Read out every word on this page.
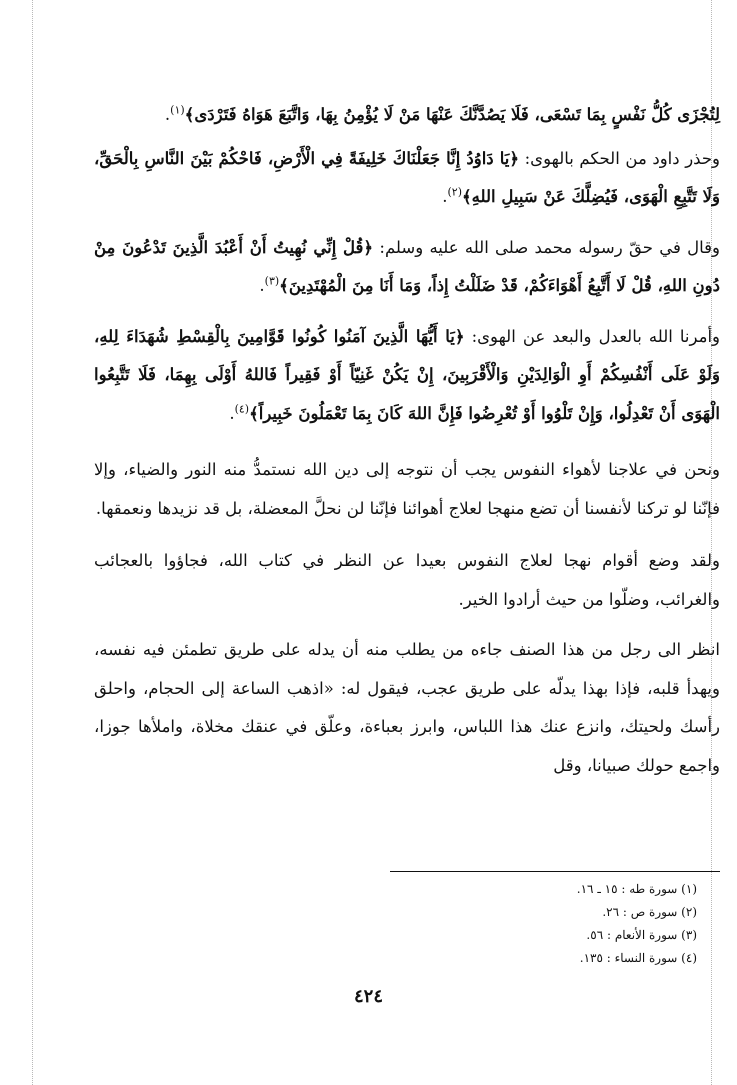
لِتُجْزَى كُلُّ نَفْسٍ بِمَا تَسْعَى، فَلَا يَصُدَّنَّكَ عَنْهَا مَنْ لَا يُؤْمِنُ بِهَا، وَاتَّبَعَ هَوَاهُ فَتَرْدَى﴾$^{(١)}$.

وحذر داود من الحكم بالهوى: ﴿يَا دَاوُدُ إِنَّا جَعَلْنَاكَ خَلِيفَةً فِي الْأَرْضِ، فَاحْكُمْ بَيْنَ النَّاسِ بِالْحَقِّ، وَلَا تَتَّبِعِ الْهَوَى، فَيُضِلَّكَ عَنْ سَبِيلِ اللهِ﴾$^{(٢)}$.

وقال في حقّ رسوله محمد صلى الله عليه وسلم: ﴿قُلْ إِنِّي نُهِيتُ أَنْ أَعْبُدَ الَّذِينَ تَدْعُونَ مِنْ دُونِ اللهِ، قُلْ لَا أَتَّبِعُ أَهْوَاءَكُمْ، قَدْ ضَلَلْتُ إِذاً، وَمَا أَنَا مِنَ الْمُهْتَدِينَ﴾$^{(٣)}$.

وأمرنا الله بالعدل والبعد عن الهوى: ﴿يَا أَيُّهَا الَّذِينَ آمَنُوا كُونُوا قَوَّامِينَ بِالْقِسْطِ شُهَدَاءَ لِلهِ، وَلَوْ عَلَى أَنْفُسِكُمْ أَوِ الْوَالِدَيْنِ وَالْأَقْرَبِينَ، إِنْ يَكُنْ غَنِيّاً أَوْ فَقِيراً فَاللهُ أَوْلَى بِهِمَا، فَلَا تَتَّبِعُوا الْهَوَى أَنْ تَعْدِلُوا، وَإِنْ تَلْوُوا أَوْ تُعْرِضُوا فَإِنَّ اللهَ كَانَ بِمَا تَعْمَلُونَ خَبِيراً﴾$^{(٤)}$.

ونحن في علاجنا لأهواء النفوس يجب أن نتوجه إلى دين الله نستمدُّ منه النور والضياء، وإلا فإنّنا لو تركنا لأنفسنا أن تضع منهجا لعلاج أهوائنا فإنّنا لن نحلَّ المعضلة، بل قد نزيدها ونعمقها.

ولقد وضع أقوام نهجا لعلاج النفوس بعيدا عن النظر في كتاب الله، فجاؤوا بالعجائب والغرائب، وضلّوا من حيث أرادوا الخير.

انظر الى رجل من هذا الصنف جاءه من يطلب منه أن يدله على طريق تطمئن فيه نفسه، ويهدأ قلبه، فإذا بهذا يدلّه على طريق عجب، فيقول له: «اذهب الساعة إلى الحجام، واحلق رأسك ولحيتك، وانزع عنك هذا اللباس، وابرز بعباءة، وعلّق في عنقك مخلاة، واملأها جوزا، واجمع حولك صبيانا، وقل

(١) سورة طه : ١٥ ـ ١٦.
(٢) سورة ص : ٢٦.
(٣) سورة الأنعام : ٥٦.
(٤) سورة النساء : ١٣٥.
٤٢٤
